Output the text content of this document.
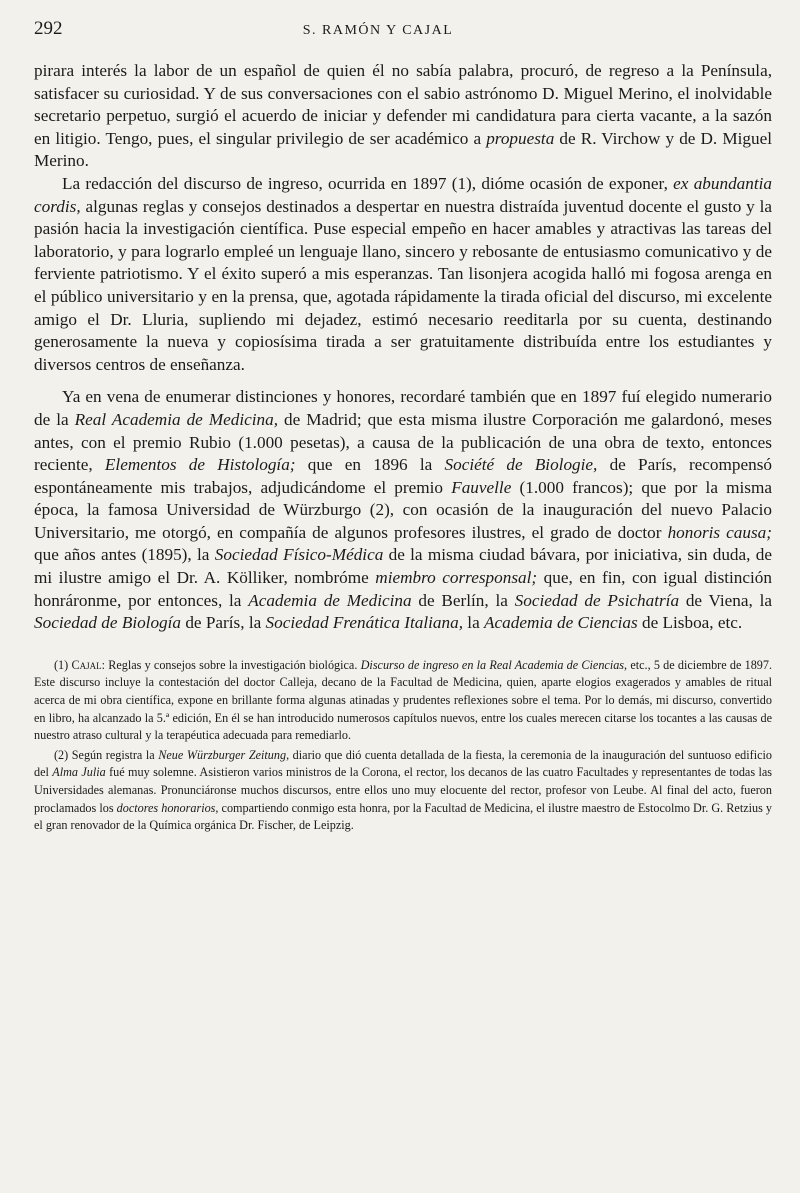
292	S. RAMÓN Y CAJAL

pirara interés la labor de un español de quien él no sabía palabra, procuró, de regreso a la Península, satisfacer su curiosidad. Y de sus conversaciones con el sabio astrónomo D. Miguel Merino, el inolvidable secretario perpetuo, surgió el acuerdo de iniciar y defender mi candidatura para cierta vacante, a la sazón en litigio. Tengo, pues, el singular privilegio de ser académico a propuesta de R. Virchow y de D. Miguel Merino.

La redacción del discurso de ingreso, ocurrida en 1897 (1), dióme ocasión de exponer, ex abundantia cordis, algunas reglas y consejos destinados a despertar en nuestra distraída juventud docente el gusto y la pasión hacia la investigación científica. Puse especial empeño en hacer amables y atractivas las tareas del laboratorio, y para lograrlo empleé un lenguaje llano, sincero y rebosante de entusiasmo comunicativo y de ferviente patriotismo. Y el éxito superó a mis esperanzas. Tan lisonjera acogida halló mi fogosa arenga en el público universitario y en la prensa, que, agotada rápidamente la tirada oficial del discurso, mi excelente amigo el Dr. Lluria, supliendo mi dejadez, estimó necesario reeditarla por su cuenta, destinando generosamente la nueva y copiosísima tirada a ser gratuitamente distribuída entre los estudiantes y diversos centros de enseñanza.

Ya en vena de enumerar distinciones y honores, recordaré también que en 1897 fuí elegido numerario de la Real Academia de Medicina, de Madrid; que esta misma ilustre Corporación me galardonó, meses antes, con el premio Rubio (1.000 pesetas), a causa de la publicación de una obra de texto, entonces reciente, Elementos de Histología; que en 1896 la Société de Biologie, de París, recompensó espontáneamente mis trabajos, adjudicándome el premio Fauvelle (1.000 francos); que por la misma época, la famosa Universidad de Würzburgo (2), con ocasión de la inauguración del nuevo Palacio Universitario, me otorgó, en compañía de algunos profesores ilustres, el grado de doctor honoris causa; que años antes (1895), la Sociedad Físico-Médica de la misma ciudad bávara, por iniciativa, sin duda, de mi ilustre amigo el Dr. A. Kölliker, nombróme miembro corresponsal; que, en fin, con igual distinción honráronme, por entonces, la Academia de Medicina de Berlín, la Sociedad de Psichatría de Viena, la Sociedad de Biología de París, la Sociedad Frenática Italiana, la Academia de Ciencias de Lisboa, etc.

(1) Cajal: Reglas y consejos sobre la investigación biológica. Discurso de ingreso en la Real Academia de Ciencias, etc., 5 de diciembre de 1897. Este discurso incluye la contestación del doctor Calleja, decano de la Facultad de Medicina, quien, aparte elogios exagerados y amables de ritual acerca de mi obra científica, expone en brillante forma algunas atinadas y prudentes reflexiones sobre el tema. Por lo demás, mi discurso, convertido en libro, ha alcanzado la 5.ª edición, En él se han introducido numerosos capítulos nuevos, entre los cuales merecen citarse los tocantes a las causas de nuestro atraso cultural y la terapéutica adecuada para remediarlo.

(2) Según registra la Neue Würzburger Zeitung, diario que dió cuenta detallada de la fiesta, la ceremonia de la inauguración del suntuoso edificio del Alma Julia fué muy solemne. Asistieron varios ministros de la Corona, el rector, los decanos de las cuatro Facultades y representantes de todas las Universidades alemanas. Pronunciáronse muchos discursos, entre ellos uno muy elocuente del rector, profesor von Leube. Al final del acto, fueron proclamados los doctores honorarios, compartiendo conmigo esta honra, por la Facultad de Medicina, el ilustre maestro de Estocolmo Dr. G. Retzius y el gran renovador de la Química orgánica Dr. Fischer, de Leipzig.
